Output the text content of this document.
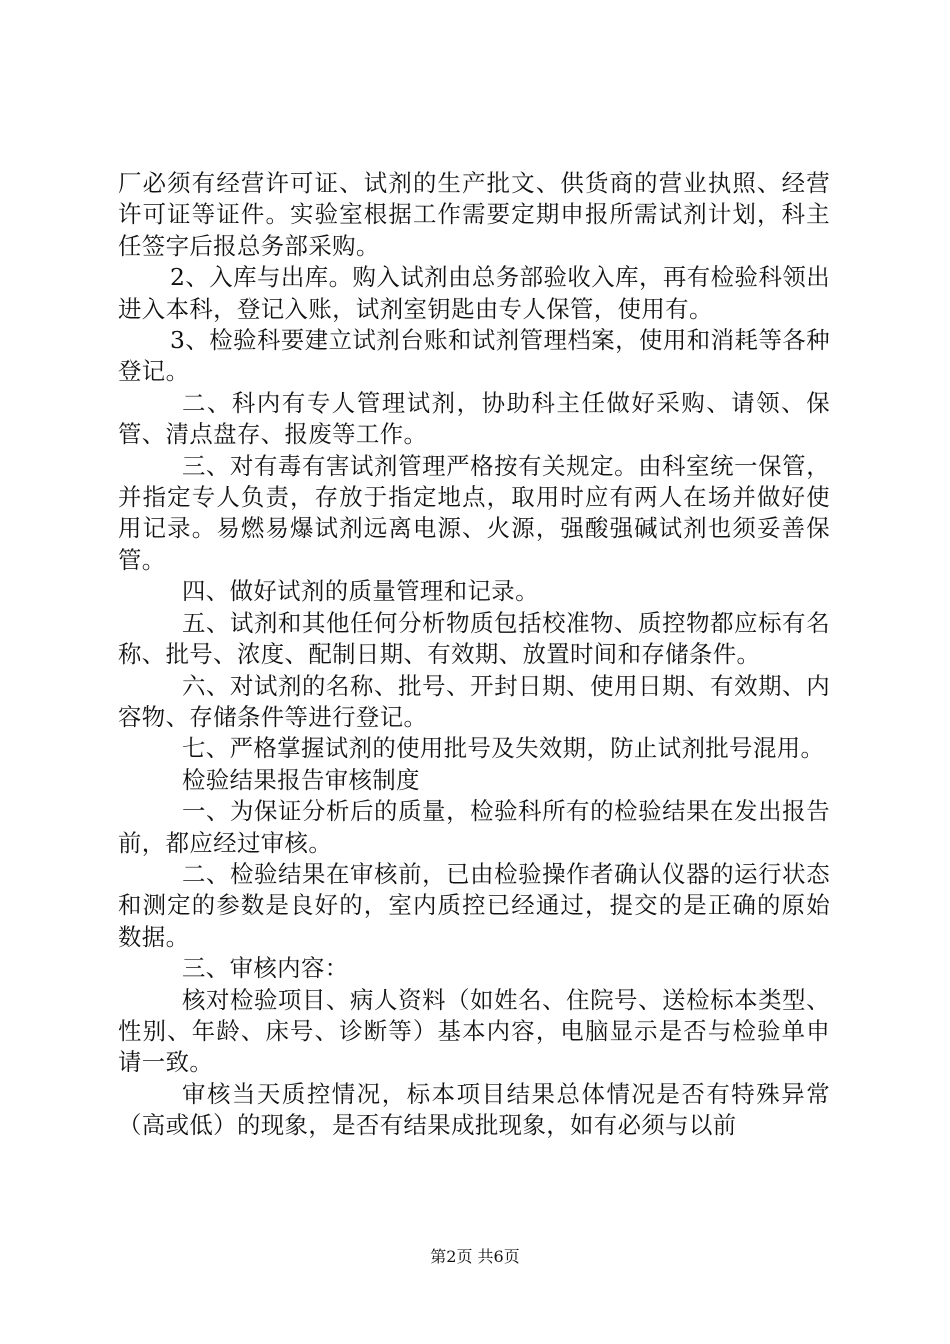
厂必须有经营许可证、试剂的生产批文、供货商的营业执照、经营许可证等证件。实验室根据工作需要定期申报所需试剂计划，科主任签字后报总务部采购。

2、入库与出库。购入试剂由总务部验收入库，再有检验科领出进入本科，登记入账，试剂室钥匙由专人保管，使用有。

3、检验科要建立试剂台账和试剂管理档案，使用和消耗等各种登记。

二、科内有专人管理试剂，协助科主任做好采购、请领、保管、清点盘存、报废等工作。

三、对有毒有害试剂管理严格按有关规定。由科室统一保管，并指定专人负责，存放于指定地点，取用时应有两人在场并做好使用记录。易燃易爆试剂远离电源、火源，强酸强碱试剂也须妥善保管。

四、做好试剂的质量管理和记录。

五、试剂和其他任何分析物质包括校准物、质控物都应标有名称、批号、浓度、配制日期、有效期、放置时间和存储条件。

六、对试剂的名称、批号、开封日期、使用日期、有效期、内容物、存储条件等进行登记。

七、严格掌握试剂的使用批号及失效期，防止试剂批号混用。

检验结果报告审核制度

一、为保证分析后的质量，检验科所有的检验结果在发出报告前，都应经过审核。

二、检验结果在审核前，已由检验操作者确认仪器的运行状态和测定的参数是良好的，室内质控已经通过，提交的是正确的原始数据。

三、审核内容：

核对检验项目、病人资料（如姓名、住院号、送检标本类型、性别、年龄、床号、诊断等）基本内容，电脑显示是否与检验单申请一致。

审核当天质控情况，标本项目结果总体情况是否有特殊异常（高或低）的现象，是否有结果成批现象，如有必须与以前

第2页 共6页
